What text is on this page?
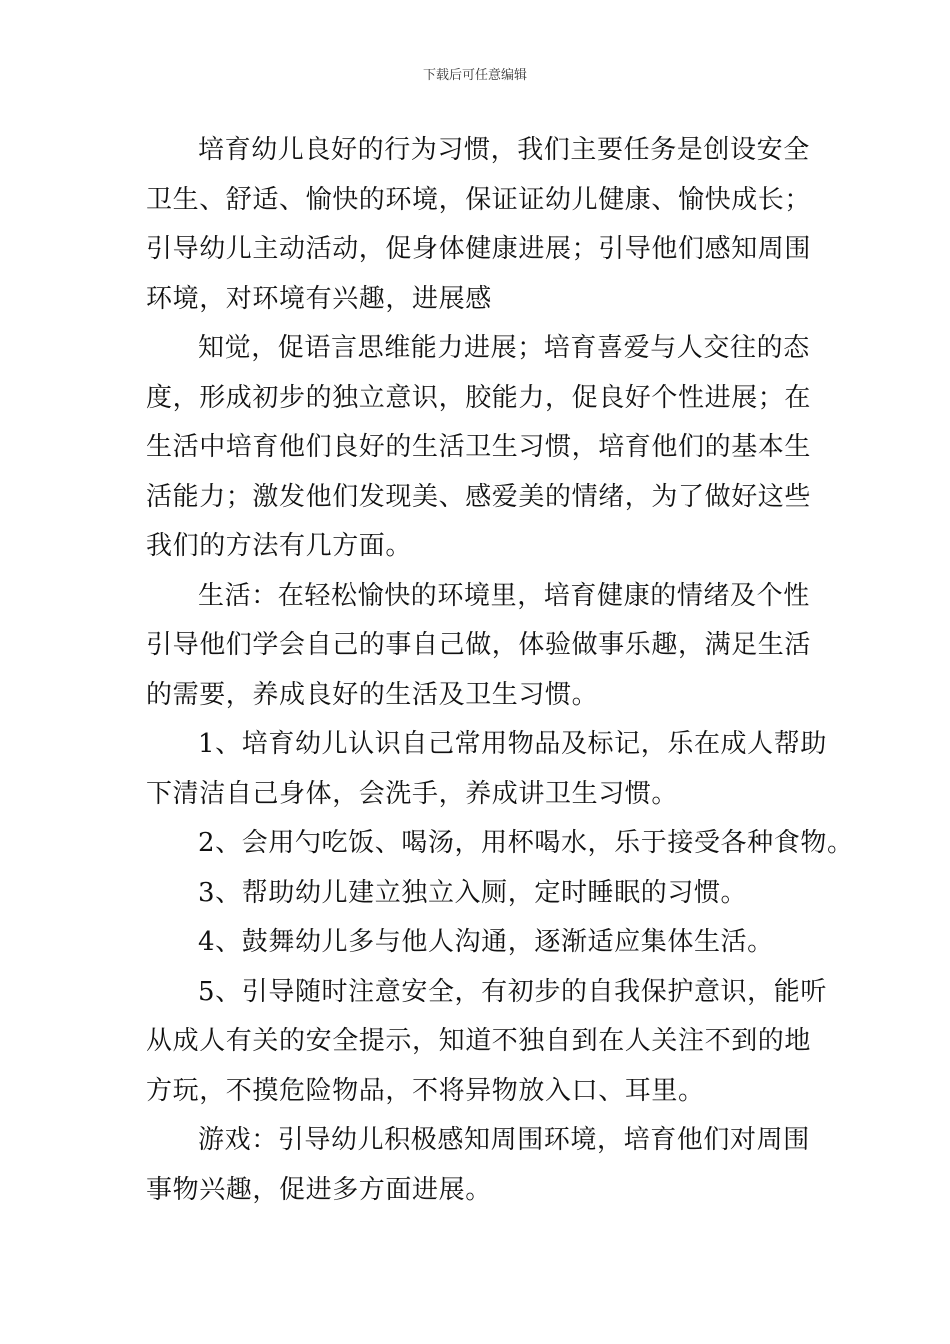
下载后可任意编辑
培育幼儿良好的行为习惯，我们主要任务是创设安全
卫生、舒适、愉快的环境，保证证幼儿健康、愉快成长；
引导幼儿主动活动，促身体健康进展；引导他们感知周围
环境，对环境有兴趣，进展感
知觉，促语言思维能力进展；培育喜爱与人交往的态
度，形成初步的独立意识，胶能力，促良好个性进展；在
生活中培育他们良好的生活卫生习惯，培育他们的基本生
活能力；激发他们发现美、感爱美的情绪，为了做好这些
我们的方法有几方面。
生活：在轻松愉快的环境里，培育健康的情绪及个性
引导他们学会自己的事自己做，体验做事乐趣，满足生活
的需要，养成良好的生活及卫生习惯。
1、培育幼儿认识自己常用物品及标记，乐在成人帮助
下清洁自己身体，会洗手，养成讲卫生习惯。
2、会用勺吃饭、喝汤，用杯喝水，乐于接受各种食物。
3、帮助幼儿建立独立入厕，定时睡眠的习惯。
4、鼓舞幼儿多与他人沟通，逐渐适应集体生活。
5、引导随时注意安全，有初步的自我保护意识，能听
从成人有关的安全提示，知道不独自到在人关注不到的地
方玩，不摸危险物品，不将异物放入口、耳里。
游戏：引导幼儿积极感知周围环境，培育他们对周围
事物兴趣，促进多方面进展。
